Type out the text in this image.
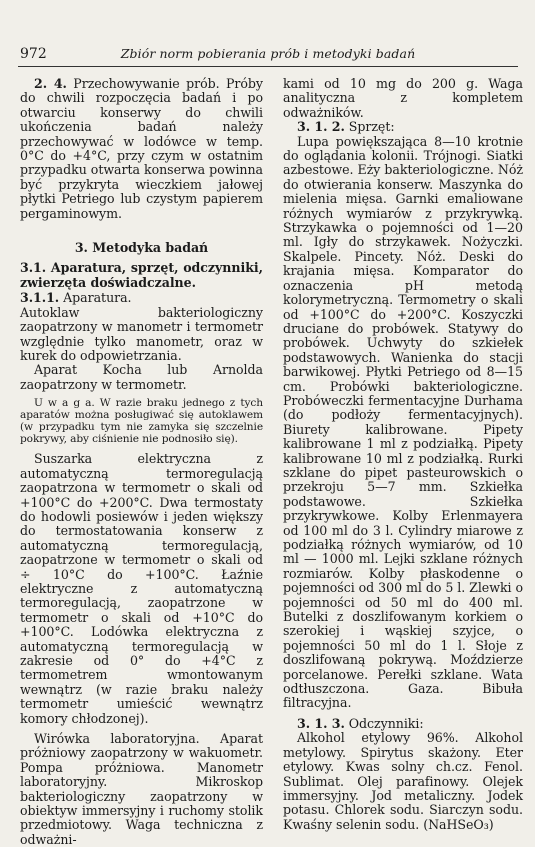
972	Zbiór norm pobierania prób i metodyki badań

2. 4. Przechowywanie prób. Próby do chwili rozpoczęcia badań i po otwarciu konserwy do chwili ukończenia badań należy przechowywać w lodówce w temp. 0°C do +4°C, przy czym w ostatnim przypadku otwarta konserwa powinna być przykryta wieczkiem jałowej płytki Petriego lub czystym papierem pergaminowym.

3. Metodyka badań

3.1. Aparatura, sprzęt, odczynniki, zwierzęta doświadczalne.

3.1.1. Aparatura.

Autoklaw bakteriologiczny zaopatrzony w manometr i termometr względnie tylko manometr, oraz w kurek do odpowietrzania.

Aparat Kocha lub Arnolda zaopatrzony w termometr.

U w a g a. W razie braku jednego z tych aparatów można posługiwać się autoklawem (w przypadku tym nie zamyka się szczelnie pokrywy, aby ciśnienie nie podnosiło się).

Suszarka elektryczna z automatyczną termoregulacją zaopatrzona w termometr o skali od +100°C do +200°C. Dwa termostaty do hodowli posiewów i jeden większy do termostatowania konserw z automatyczną termoregulacją, zaopatrzone w termometr o skali od ÷ 10°C do +100°C. Łaźnie elektryczne z automatyczną termoregulacją, zaopatrzone w termometr o skali od +10°C do +100°C. Lodówka elektryczna z automatyczną termoregulacją w zakresie od 0° do +4°C z termometrem wmontowanym wewnątrz (w razie braku należy termometr umieścić wewnątrz komory chłodzonej).

Wirówka laboratoryjna. Aparat próżniowy zaopatrzony w wakuometr. Pompa próżniowa. Manometr laboratoryjny. Mikroskop bakteriologiczny zaopatrzony w obiektyw immersyjny i ruchomy stolik przedmiotowy. Waga techniczna z odważni-

kami od 10 mg do 200 g. Waga analityczna z kompletem odważników.

3. 1. 2. Sprzęt:

Lupa powiększająca 8—10 krotnie do oglądania kolonii. Trójnogi. Siatki azbestowe. Eży bakteriologiczne. Nóż do otwierania konserw. Maszynka do mielenia mięsa. Garnki emaliowane różnych wymiarów z przykrywką. Strzykawka o pojemności od 1—20 ml. Igły do strzykawek. Nożyczki. Skalpele. Pincety. Nóż. Deski do krajania mięsa. Komparator do oznaczenia pH metodą kolorymetryczną. Termometry o skali od +100°C do +200°C. Koszyczki druciane do probówek. Statywy do probówek. Uchwyty do szkiełek podstawowych. Wanienka do stacji barwikowej. Płytki Petriego od 8—15 cm. Probówki bakteriologiczne. Probóweczki fermentacyjne Durhama (do podłoży fermentacyjnych). Biurety kalibrowane. Pipety kalibrowane 1 ml z podziałką. Pipety kalibrowane 10 ml z podziałką. Rurki szklane do pipet pasteurowskich o przekroju 5—7 mm. Szkiełka podstawowe. Szkiełka przykrywkowe. Kolby Erlenmayera od 100 ml do 3 l. Cylindry miarowe z podziałką różnych wymiarów, od 10 ml — 1000 ml. Lejki szklane różnych rozmiarów. Kolby płaskodenne o pojemności od 300 ml do 5 l. Zlewki o pojemności od 50 ml do 400 ml. Butelki z doszlifowanym korkiem o szerokiej i wąskiej szyjce, o pojemności 50 ml do 1 l. Słoje z doszlifowaną pokrywą. Moździerze porcelanowe. Perełki szklane. Wata odtłuszczona. Gaza. Bibuła filtracyjna.

3. 1. 3. Odczynniki:

Alkohol etylowy 96%. Alkohol metylowy. Spirytus skażony. Eter etylowy. Kwas solny ch.cz. Fenol. Sublimat. Olej parafinowy. Olejek immersyjny. Jod metaliczny. Jodek potasu. Chlorek sodu. Siarczyn sodu. Kwaśny selenin sodu. (NaHSeO₃)
